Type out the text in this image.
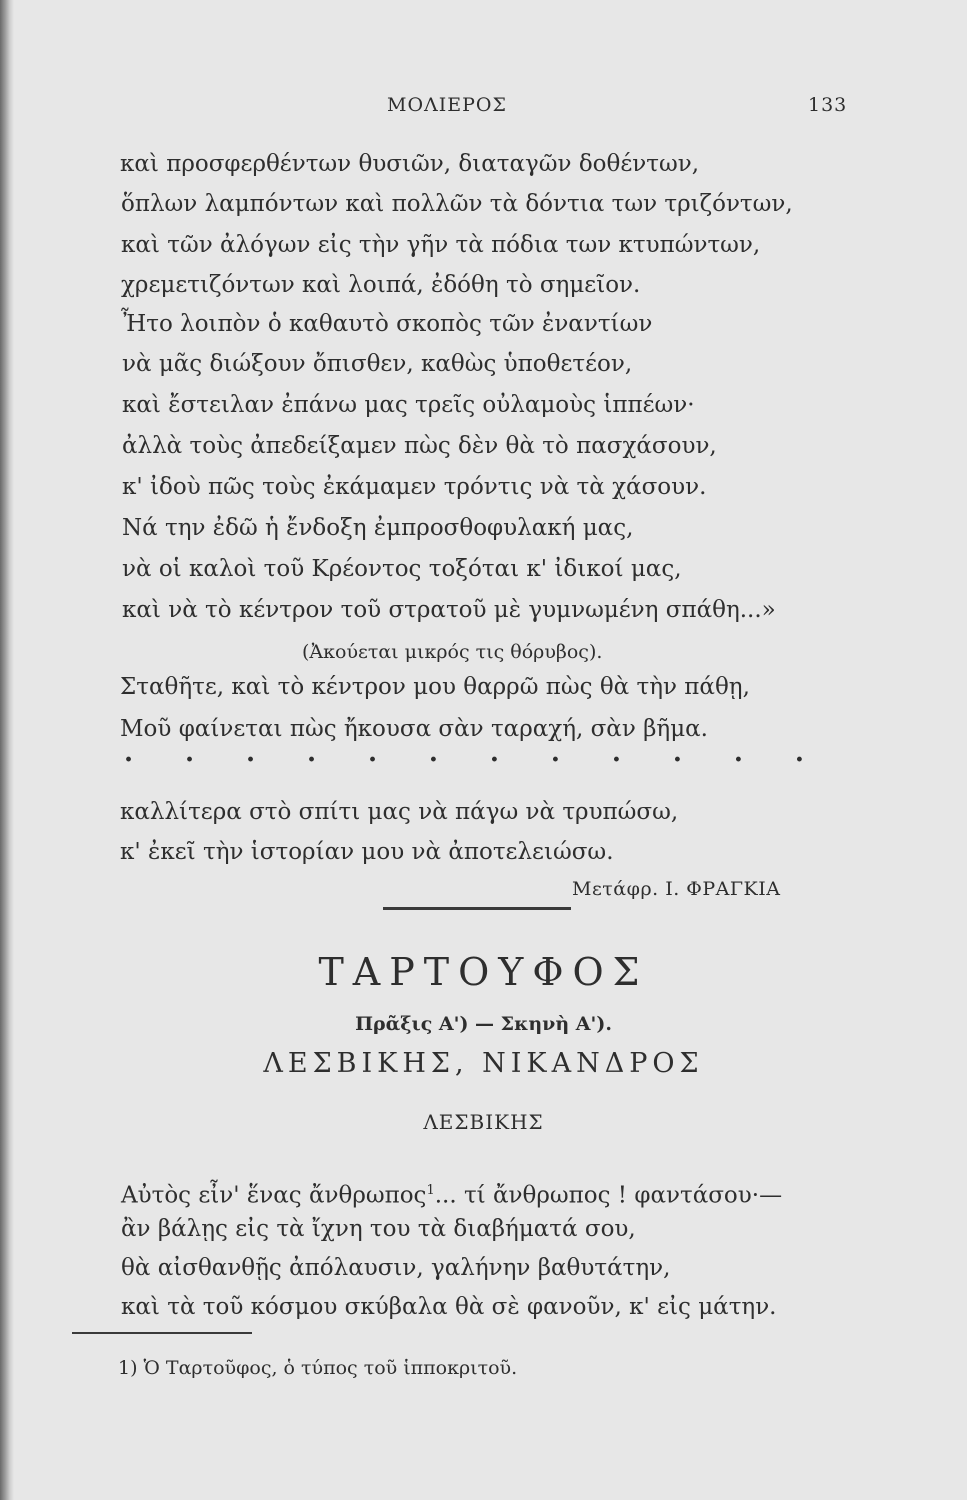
ΜΟΛΙΕΡΟΣ	133
καὶ προσφερθέντων θυσιῶν, διαταγῶν δοθέντων,
ὅπλων λαμπόντων καὶ πολλῶν τὰ δόντια των τριζόντων,
καὶ τῶν ἀλόγων εἰς τὴν γῆν τὰ πόδια των κτυπώντων,
χρεμετιζόντων καὶ λοιπά, ἐδόθη τὸ σημεῖον.
Ἦτο λοιπὸν ὁ καθαυτὸ σκοπὸς τῶν ἐναντίων
νὰ μᾶς διώξουν ὄπισθεν, καθὼς ὑποθετέον,
καὶ ἔστειλαν ἐπάνω μας τρεῖς οὐλαμοὺς ἱππέων·
ἀλλὰ τοὺς ἀπεδείξαμεν πὼς δὲν θὰ τὸ πασχάσουν,
κ' ἰδοὺ πῶς τοὺς ἐκάμαμεν τρόντις νὰ τὰ χάσουν.
Νά την ἐδῶ ἡ ἔνδοξη ἐμπροσθοφυλακή μας,
νὰ οἱ καλοὶ τοῦ Κρέοντος τοξόται κ' ἰδικοί μας,
καὶ νὰ τὸ κέντρον τοῦ στρατοῦ μὲ γυμνωμένη σπάθη...»
(Ἀκούεται μικρός τις θόρυβος).
Σταθῆτε, καὶ τὸ κέντρον μου θαρρῶ πὼς θὰ τὴν πάθῃ,
Μοῦ φαίνεται πὼς ἤκουσα σὰν ταραχή, σὰν βῆμα.
. . . . . . . . . . . .
καλλίτερα στὸ σπίτι μας νὰ πάγω νὰ τρυπώσω,
κ' ἐκεῖ τὴν ἱστορίαν μου νὰ ἀποτελειώσω.
Μετάφρ. Ι. ΦΡΑΓΚΙΑ
ΤΑΡΤΟΥΦΟΣ
Πρᾶξις Α') — Σκηνὴ Α').
ΛΕΣΒΙΚΗΣ, ΝΙΚΑΝΔΡΟΣ
ΛΕΣΒΙΚΗΣ
Αὐτὸς εἶν' ἕνας ἄνθρωπος$^1$... τί ἄνθρωπος ! φαντάσου·—
ἂν βάλῃς εἰς τὰ ἴχνη του τὰ διαβήματά σου,
θὰ αἰσθανθῇς ἀπόλαυσιν, γαλήνην βαθυτάτην,
καὶ τὰ τοῦ κόσμου σκύβαλα θὰ σὲ φανοῦν, κ' εἰς μάτην.
1) Ὁ Ταρτοῦφος, ὁ τύπος τοῦ ἱπποκριτοῦ.
